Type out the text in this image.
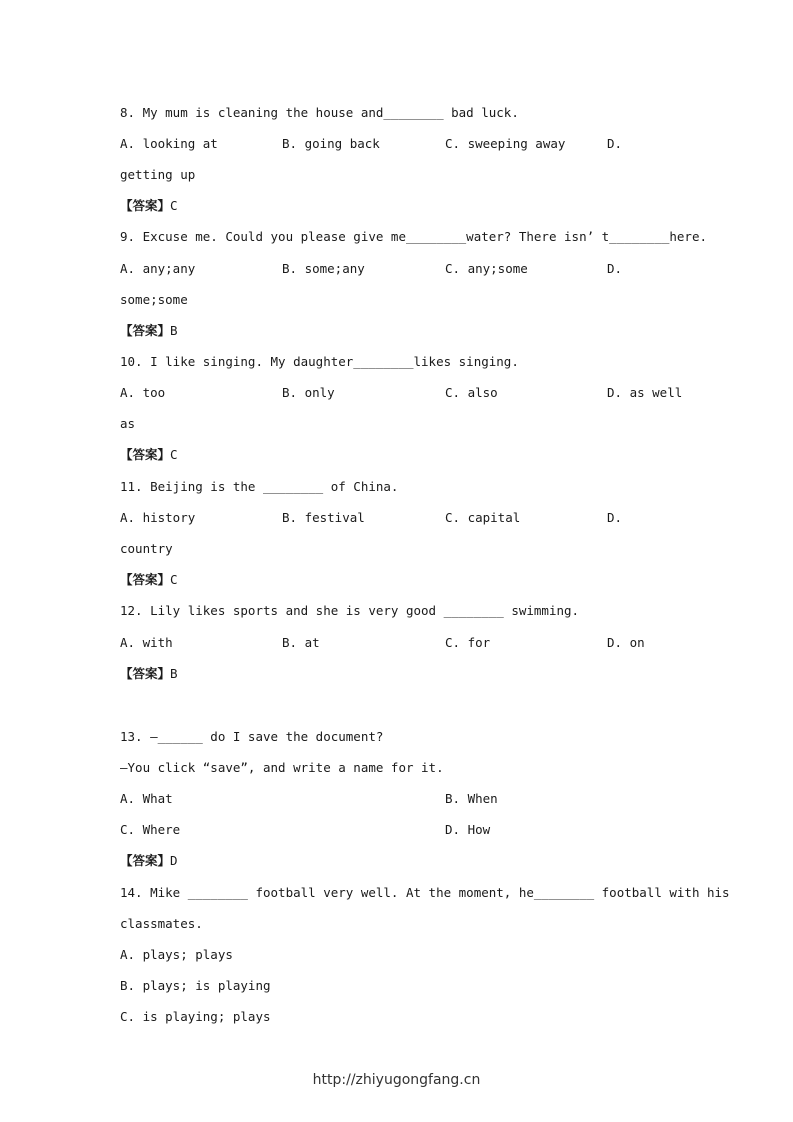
8. My mum is cleaning the house and________ bad luck.
A. looking at	B. going back	C. sweeping away	D.
getting up
【答案】C
9. Excuse me. Could you please give me________water? There isn’ t________here.
A. any;any	B. some;any	C. any;some	D.
some;some
【答案】B
10. I like singing. My daughter________likes singing.
A. too	B. only	C. also	D. as well
as
【答案】C
11. Beijing is the ________ of China.
A. history	B. festival	C. capital	D.
country
【答案】C
12. Lily likes sports and she is very good ________ swimming.
A. with	B. at	C. for	D. on
【答案】B
13. —______ do I save the document?
—You click “save”, and write a name for it.
A. What	B. When
C. Where	D. How
【答案】D
14. Mike ________ football very well. At the moment, he________ football with his
classmates.
A. plays; plays
B. plays; is playing
C. is playing; plays
http://zhiyugongfang.cn
